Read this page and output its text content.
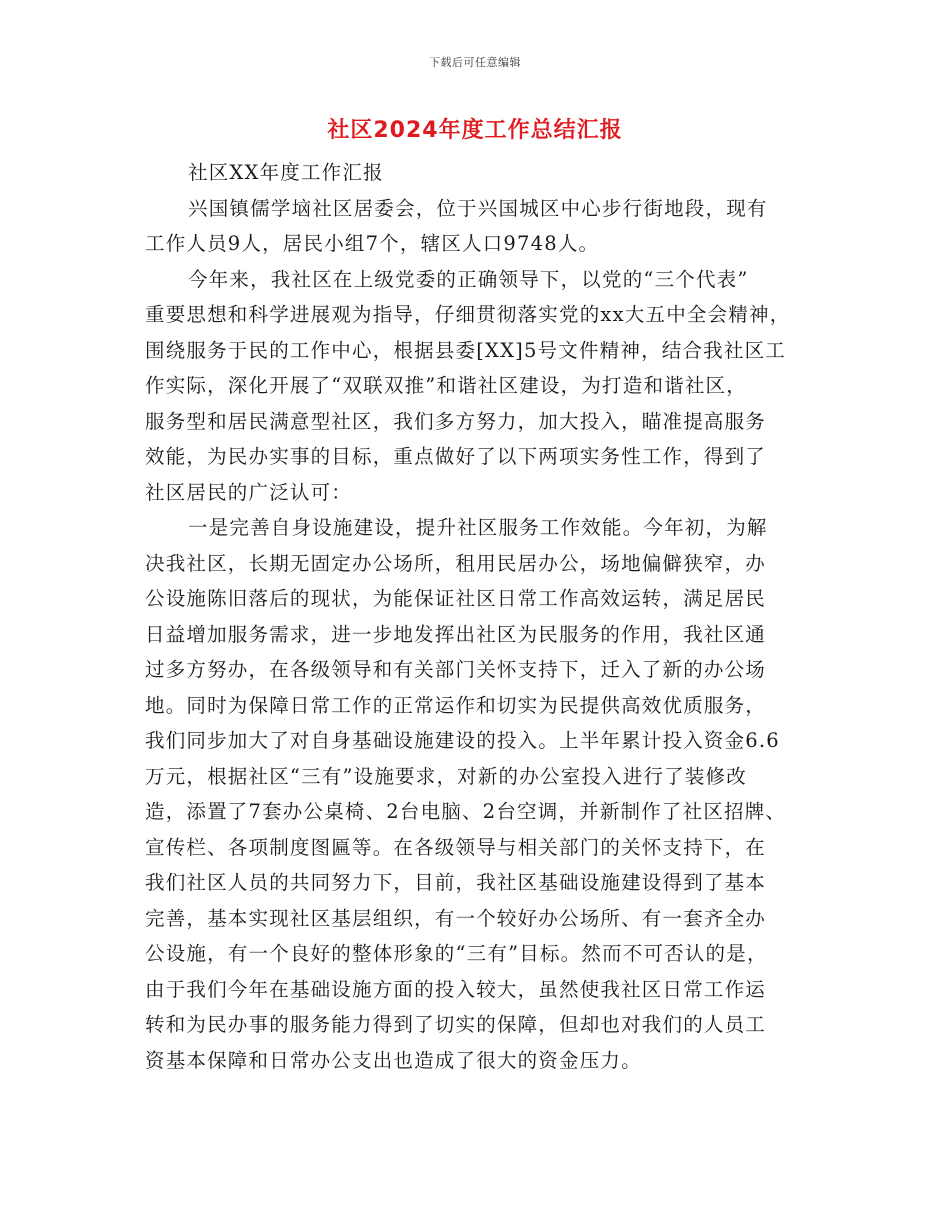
下载后可任意编辑
社区2024年度工作总结汇报
社区XX年度工作汇报
兴国镇儒学垴社区居委会，位于兴国城区中心步行街地段，现有
工作人员9人，居民小组7个，辖区人口9748人。
今年来，我社区在上级党委的正确领导下，以党的“三个代表”
重要思想和科学进展观为指导，仔细贯彻落实党的xx大五中全会精神，
围绕服务于民的工作中心，根据县委[XX]5号文件精神，结合我社区工
作实际，深化开展了“双联双推”和谐社区建设，为打造和谐社区，
服务型和居民满意型社区，我们多方努力，加大投入，瞄准提高服务
效能，为民办实事的目标，重点做好了以下两项实务性工作，得到了
社区居民的广泛认可：
一是完善自身设施建设，提升社区服务工作效能。今年初，为解
决我社区，长期无固定办公场所，租用民居办公，场地偏僻狭窄，办
公设施陈旧落后的现状，为能保证社区日常工作高效运转，满足居民
日益增加服务需求，进一步地发挥出社区为民服务的作用，我社区通
过多方努办，在各级领导和有关部门关怀支持下，迁入了新的办公场
地。同时为保障日常工作的正常运作和切实为民提供高效优质服务，
我们同步加大了对自身基础设施建设的投入。上半年累计投入资金6.6
万元，根据社区“三有”设施要求，对新的办公室投入进行了装修改
造，添置了7套办公桌椅、2台电脑、2台空调，并新制作了社区招牌、
宣传栏、各项制度图匾等。在各级领导与相关部门的关怀支持下，在
我们社区人员的共同努力下，目前，我社区基础设施建设得到了基本
完善，基本实现社区基层组织，有一个较好办公场所、有一套齐全办
公设施，有一个良好的整体形象的“三有”目标。然而不可否认的是，
由于我们今年在基础设施方面的投入较大，虽然使我社区日常工作运
转和为民办事的服务能力得到了切实的保障，但却也对我们的人员工
资基本保障和日常办公支出也造成了很大的资金压力。
